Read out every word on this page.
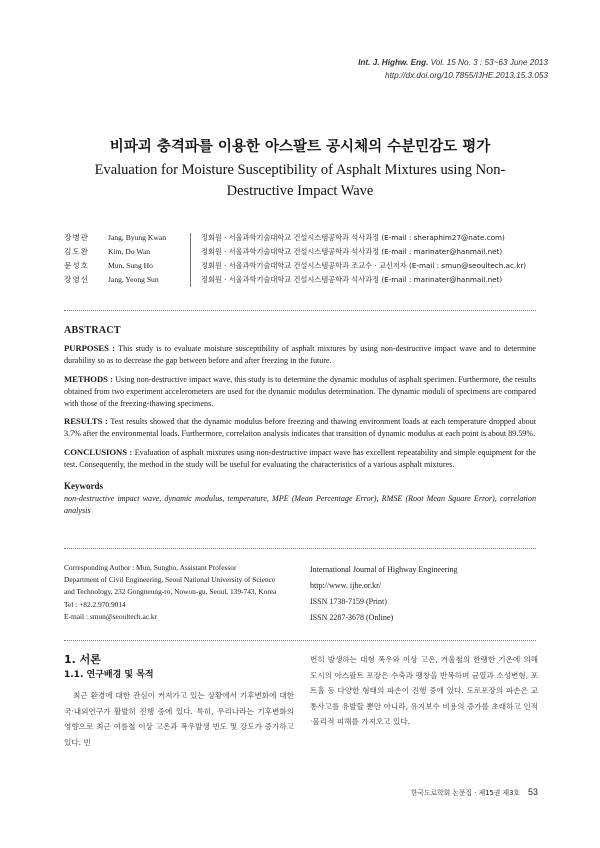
Int. J. Highw. Eng. Vol. 15 No. 3 : 53~63 June 2013
http://dx.doi.org/10.7855/IJHE.2013.15.3.053
비파괴 충격파를 이용한 아스팔트 공시체의 수분민감도 평가
Evaluation for Moisture Susceptibility of Asphalt Mixtures using Non-Destructive Impact Wave
장병관	Jang, Byung Kwan	정회원 · 서울과학기술대학교 건설시스템공학과 석사과정 (E-mail : sheraphim27@nate.com)
김도완	Kim, Do Wan	정회원 · 서울과학기술대학교 건설시스템공학과 석사과정 (E-mail : marinater@hanmail.net)
문성호	Mun, Sung Ho	정회원 · 서울과학기술대학교 건설시스템공학과 조교수 · 교신저자 (E-mail : smun@seoultech.ac.kr)
장영선	Jang, Yeong Sun	정회원 · 서울과학기술대학교 건설시스템공학과 석사과정 (E-mail : marinater@hanmail.net)
ABSTRACT

PURPOSES : This study is to evaluate moisture susceptibility of asphalt mixtures by using non-destructive impact wave and to determine durability so as to decrease the gap between before and after freezing in the future.

METHODS : Using non-destructive impact wave, this study is to determine the dynamic modulus of asphalt specimen. Furthermore, the results obtained from two experiment accelerometers are used for the dynamic modulus determination. The dynamic moduli of specimens are compared with those of the freezing-thawing specimens.

RESULTS : Test results showed that the dynamic modulus before freezing and thawing environment loads at each temperature dropped about 3.7% after the environmental loads. Furthermore, correlation analysis indicates that transition of dynamic modulus at each point is about 89.59%.

CONCLUSIONS : Evaluation of asphalt mixtures using non-destructive impact wave has excellent repeatability and simple equipment for the test. Consequently, the method in the study will be useful for evaluating the characteristics of a various asphalt mixtures.

Keywords

non-destructive impact wave, dynamic modulus, temperature, MPE (Mean Percentage Error), RMSE (Root Mean Square Error), correlation analysis

Corresponding Author : Mun, Sungho, Assistant Professor
Department of Civil Engineering, Seoul National University of Science
and Technology, 232 Gongneung-ro, Nowon-gu, Seoul, 139-743, Korea
Tel : +82.2.970.9014
E-mail : smun@seoultech.ac.kr
International Journal of Highway Engineering
http://www. ijhe.or.kr/
ISSN 1738-7159 (Print)
ISSN 2287-3678 (Online)

1. 서론

1.1. 연구배경 및 목적

최근 환경에 대한 관심이 커져가고 있는 상황에서 기후변화에 대한 국·내외연구가 활발히 진행 중에 있다. 특히, 우리나라는 기후변화의 영향으로 최근 여름철 이상 고온과 폭우발생 빈도 및 강도가 증가하고 있다. 빈

번히 발생하는 대형 폭우와 이상 고온, 겨울철의 한랭한 기온에 의해 도시의 아스팔트 포장은 수축과 팽창을 반복하며 균열과 소성변형, 포트홀 등 다양한 형태의 파손이 진행 중에 있다. 도로포장의 파손은 교통사고를 유발할 뿐만 아니라, 유지보수 비용의 증가를 초래하고 인적·물리적 피해를 가져오고 있다.

한국도로학회 논문집 · 제15권 제3호 53
